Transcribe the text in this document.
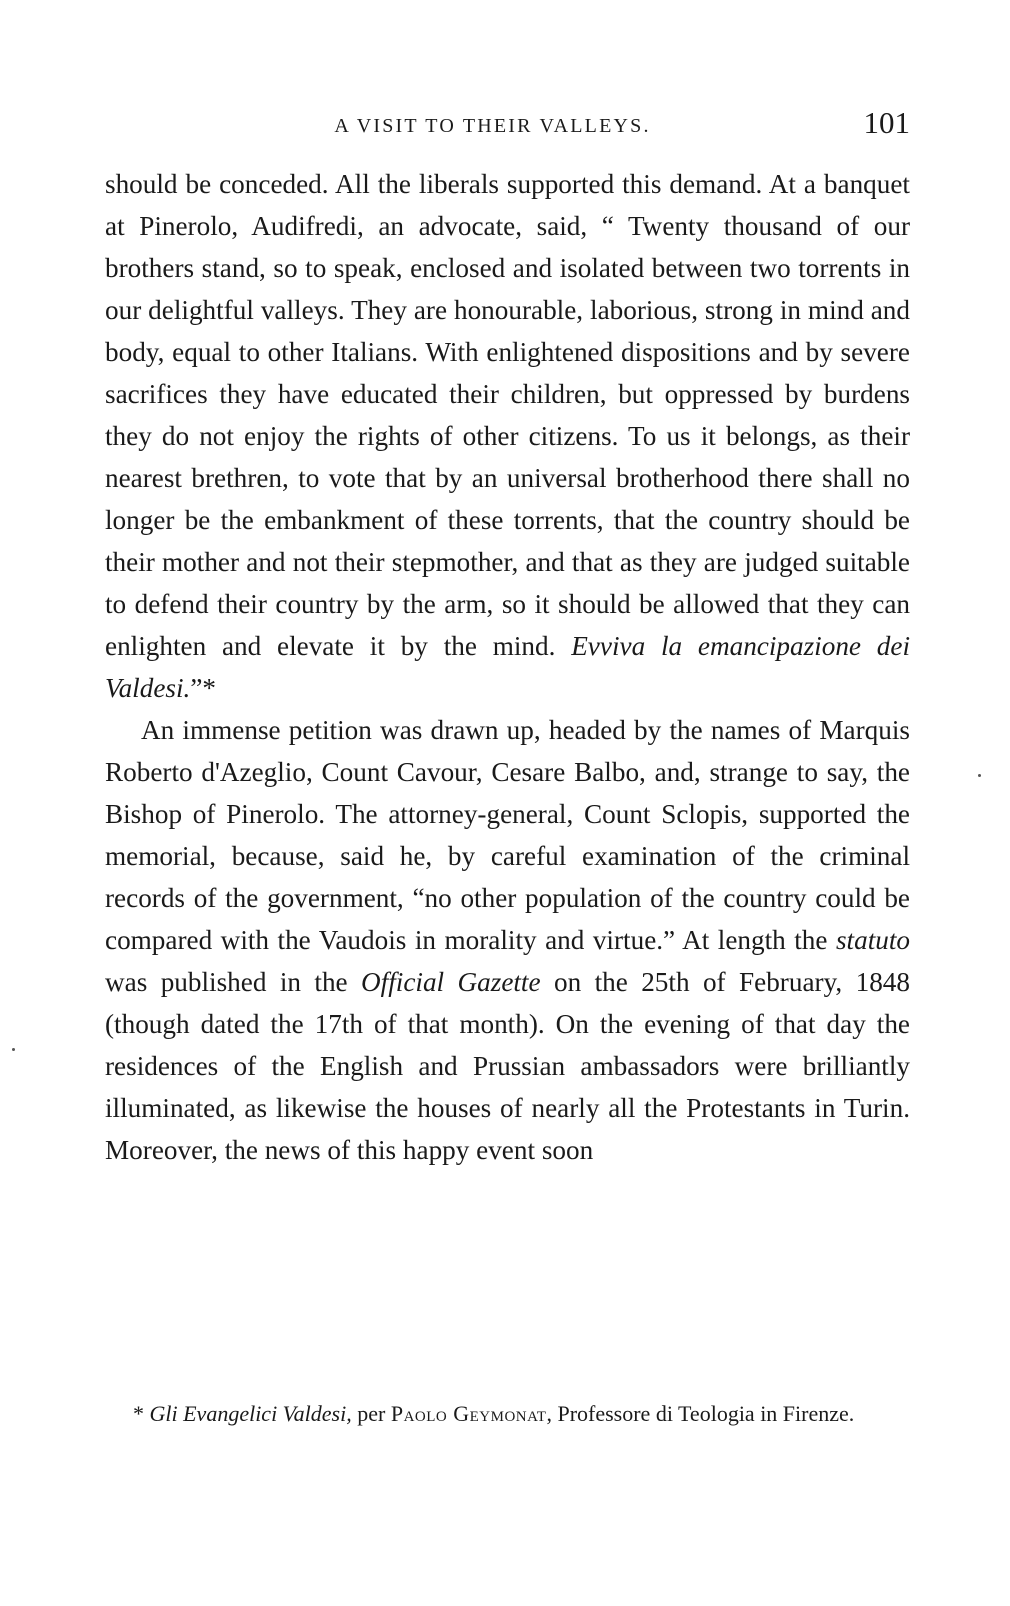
A VISIT TO THEIR VALLEYS.	101

should be conceded. All the liberals supported this demand. At a banquet at Pinerolo, Audifredi, an advocate, said, “ Twenty thousand of our brothers stand, so to speak, enclosed and isolated between two torrents in our delightful valleys. They are honourable, laborious, strong in mind and body, equal to other Italians. With enlightened dispositions and by severe sacrifices they have educated their children, but oppressed by burdens they do not enjoy the rights of other citizens. To us it belongs, as their nearest brethren, to vote that by an universal brotherhood there shall no longer be the embankment of these torrents, that the country should be their mother and not their stepmother, and that as they are judged suitable to defend their country by the arm, so it should be allowed that they can enlighten and elevate it by the mind. Evviva la emancipazione dei Valdesi.”*

An immense petition was drawn up, headed by the names of Marquis Roberto d'Azeglio, Count Cavour, Cesare Balbo, and, strange to say, the Bishop of Pinerolo. The attorney-general, Count Sclopis, supported the memorial, because, said he, by careful examination of the criminal records of the government, “no other population of the country could be compared with the Vaudois in morality and virtue.” At length the statuto was published in the Official Gazette on the 25th of February, 1848 (though dated the 17th of that month). On the evening of that day the residences of the English and Prussian ambassadors were brilliantly illuminated, as likewise the houses of nearly all the Protestants in Turin. Moreover, the news of this happy event soon

* Gli Evangelici Valdesi, per Paolo Geymonat, Professore di Teologia in Firenze.
